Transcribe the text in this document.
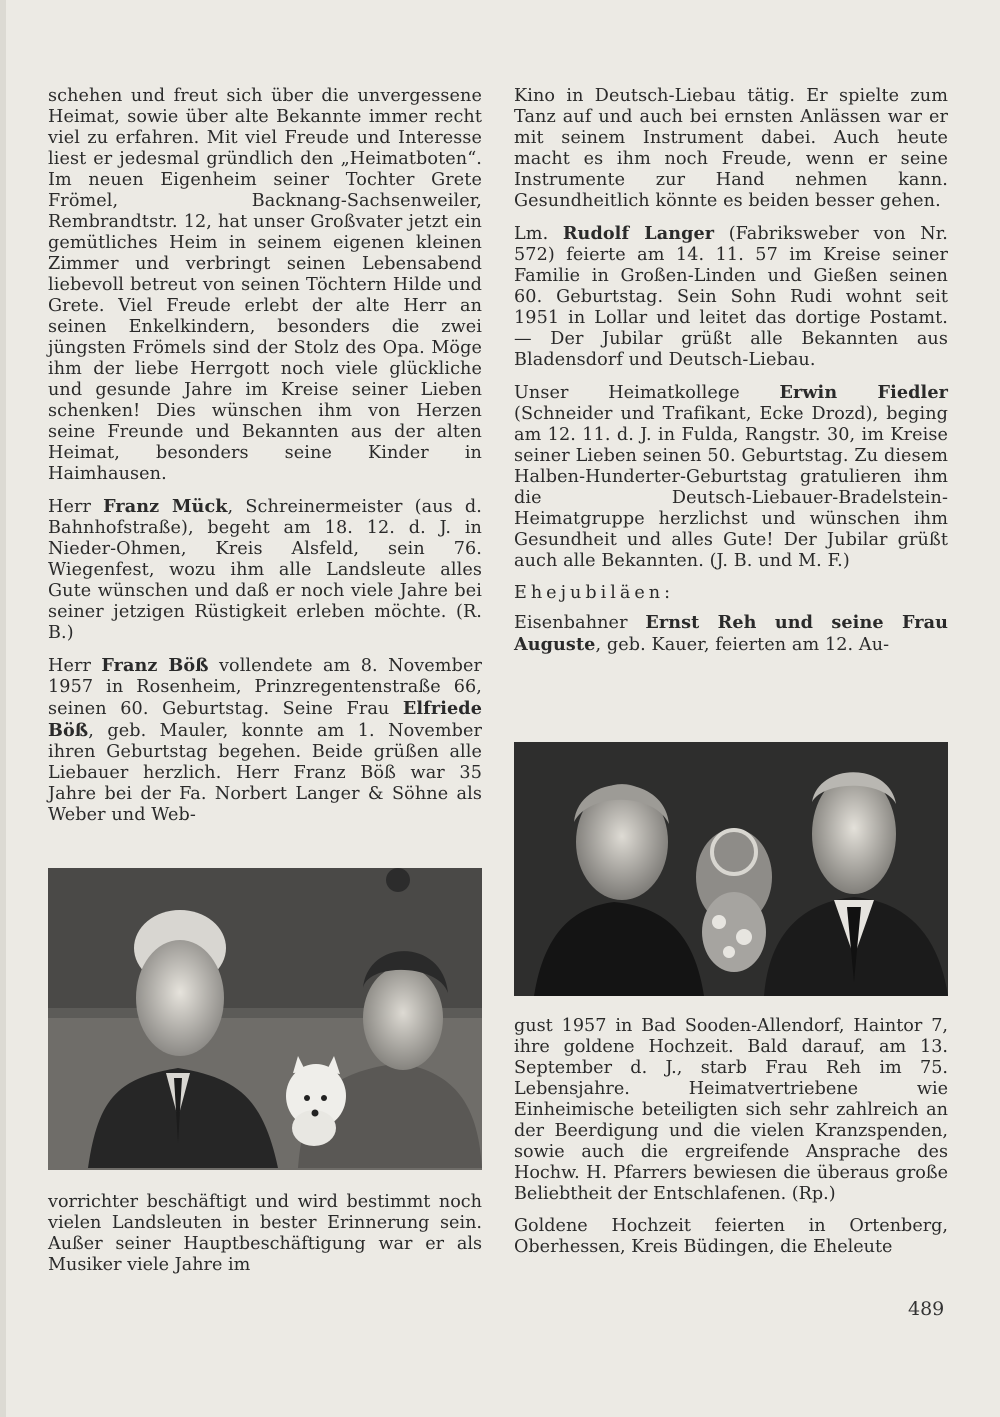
schehen und freut sich über die unvergessene Heimat, sowie über alte Bekannte immer recht viel zu erfahren. Mit viel Freude und Interesse liest er jedesmal gründlich den „Heimatboten“. Im neuen Eigenheim seiner Tochter Grete Frömel, Backnang-Sachsenweiler, Rembrandtstr. 12, hat unser Großvater jetzt ein gemütliches Heim in seinem eigenen kleinen Zimmer und verbringt seinen Lebensabend liebevoll betreut von seinen Töchtern Hilde und Grete. Viel Freude erlebt der alte Herr an seinen Enkelkindern, besonders die zwei jüngsten Frömels sind der Stolz des Opa. Möge ihm der liebe Herrgott noch viele glückliche und gesunde Jahre im Kreise seiner Lieben schenken! Dies wünschen ihm von Herzen seine Freunde und Bekannten aus der alten Heimat, besonders seine Kinder in Haimhausen.

Herr Franz Mück, Schreinermeister (aus d. Bahnhofstraße), begeht am 18. 12. d. J. in Nieder-Ohmen, Kreis Alsfeld, sein 76. Wiegenfest, wozu ihm alle Landsleute alles Gute wünschen und daß er noch viele Jahre bei seiner jetzigen Rüstigkeit erleben möchte. (R. B.)

Herr Franz Böß vollendete am 8. November 1957 in Rosenheim, Prinzregentenstraße 66, seinen 60. Geburtstag. Seine Frau Elfriede Böß, geb. Mauler, konnte am 1. November ihren Geburtstag begehen. Beide grüßen alle Liebauer herzlich. Herr Franz Böß war 35 Jahre bei der Fa. Norbert Langer & Söhne als Weber und Web-

vorrichter beschäftigt und wird bestimmt noch vielen Landsleuten in bester Erinnerung sein. Außer seiner Hauptbeschäftigung war er als Musiker viele Jahre im

Kino in Deutsch-Liebau tätig. Er spielte zum Tanz auf und auch bei ernsten Anlässen war er mit seinem Instrument dabei. Auch heute macht es ihm noch Freude, wenn er seine Instrumente zur Hand nehmen kann. Gesundheitlich könnte es beiden besser gehen.

Lm. Rudolf Langer (Fabriksweber von Nr. 572) feierte am 14. 11. 57 im Kreise seiner Familie in Großen-Linden und Gießen seinen 60. Geburtstag. Sein Sohn Rudi wohnt seit 1951 in Lollar und leitet das dortige Postamt. — Der Jubilar grüßt alle Bekannten aus Bladensdorf und Deutsch-Liebau.

Unser Heimatkollege Erwin Fiedler (Schneider und Trafikant, Ecke Drozd), beging am 12. 11. d. J. in Fulda, Rangstr. 30, im Kreise seiner Lieben seinen 50. Geburtstag. Zu diesem Halben-Hunderter-Geburtstag gratulieren ihm die Deutsch-Liebauer-Bradelstein-Heimatgruppe herzlichst und wünschen ihm Gesundheit und alles Gute! Der Jubilar grüßt auch alle Bekannten. (J. B. und M. F.)

Ehejubiläen:

Eisenbahner Ernst Reh und seine Frau Auguste, geb. Kauer, feierten am 12. Au-

gust 1957 in Bad Sooden-Allendorf, Haintor 7, ihre goldene Hochzeit. Bald darauf, am 13. September d. J., starb Frau Reh im 75. Lebensjahre. Heimatvertriebene wie Einheimische beteiligten sich sehr zahlreich an der Beerdigung und die vielen Kranzspenden, sowie auch die ergreifende Ansprache des Hochw. H. Pfarrers bewiesen die überaus große Beliebtheit der Entschlafenen. (Rp.)

Goldene Hochzeit feierten in Ortenberg, Oberhessen, Kreis Büdingen, die Eheleute

489
